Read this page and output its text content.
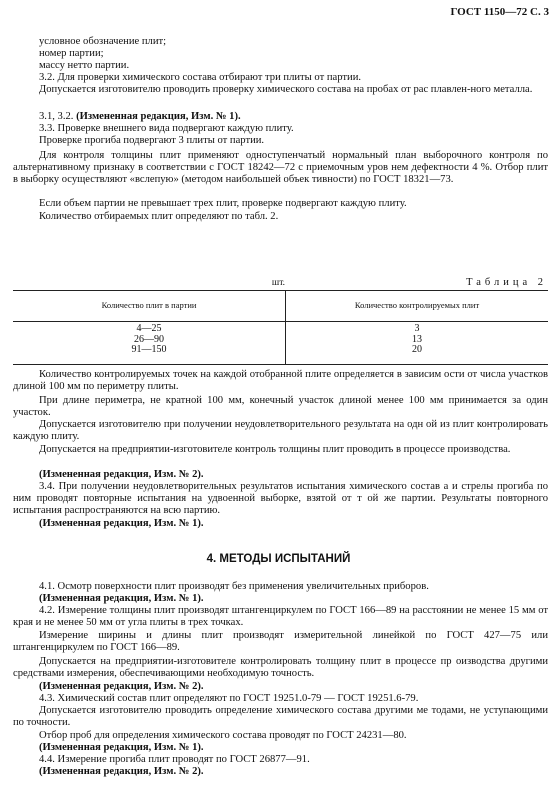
ГОСТ 1150—72 С. 3
условное обозначение плит;
номер партии;
массу нетто партии.
3.2. Для проверки химического состава отбирают три плиты от партии.
Допускается изготовителю проводить проверку химического состава на пробах от рас плавлен-ного металла.
3.1, 3.2. (Измененная редакция, Изм. № 1).
3.3. Проверке внешнего вида подвергают каждую плиту.
Проверке прогиба подвергают 3 плиты от партии.
Для контроля толщины плит применяют одноступенчатый нормальный план выборочного контроля по альтернативному признаку в соответствии с ГОСТ 18242—72 с приемочным уров нем дефектности 4 %. Отбор плит в выборку осуществляют «вслепую» (методом наибольшей объек тивности) по ГОСТ 18321—73.
Если объем партии не превышает трех плит, проверке подвергают каждую плиту.
Количество отбираемых плит определяют по табл. 2.
Таблица 2
шт.
Количество плит в партии	Количество контролируемых плит
4—25
26—90
91—150
3
13
20
Количество контролируемых точек на каждой отобранной плите определяется в зависим ости от числа участков длиной 100 мм по периметру плиты.
При длине периметра, не кратной 100 мм, конечный участок длиной менее 100 мм принимается за один участок.
Допускается изготовителю при получении неудовлетворительного результата на одн ой из плит контролировать каждую плиту.
Допускается на предприятии-изготовителе контроль толщины плит проводить в процессе производства.
(Измененная редакция, Изм. № 2).
3.4. При получении неудовлетворительных результатов испытания химического состав а и стрелы прогиба по ним проводят повторные испытания на удвоенной выборке, взятой от т ой же партии. Результаты повторного испытания распространяются на всю партию.
(Измененная редакция, Изм. № 1).
4. МЕТОДЫ ИСПЫТАНИЙ
4.1. Осмотр поверхности плит производят без применения увеличительных приборов.
(Измененная редакция, Изм. № 1).
4.2. Измерение толщины плит производят штангенциркулем по ГОСТ 166—89 на расстоянии не менее 15 мм от края и не менее 50 мм от угла плиты в трех точках.
Измерение ширины и длины плит производят измерительной линейкой по ГОСТ 427—75 или штангенциркулем по ГОСТ 166—89.
Допускается на предприятии-изготовителе контролировать толщину плит в процессе пр оизводства другими средствами измерения, обеспечивающими необходимую точность.
(Измененная редакция, Изм. № 2).
4.3. Химический состав плит определяют по ГОСТ 19251.0-79 — ГОСТ 19251.6-79.
Допускается изготовителю проводить определение химического состава другими ме тодами, не уступающими по точности.
Отбор проб для определения химического состава проводят по ГОСТ 24231—80.
(Измененная редакция, Изм. № 1).
4.4. Измерение прогиба плит проводят по ГОСТ 26877—91.
(Измененная редакция, Изм. № 2).
